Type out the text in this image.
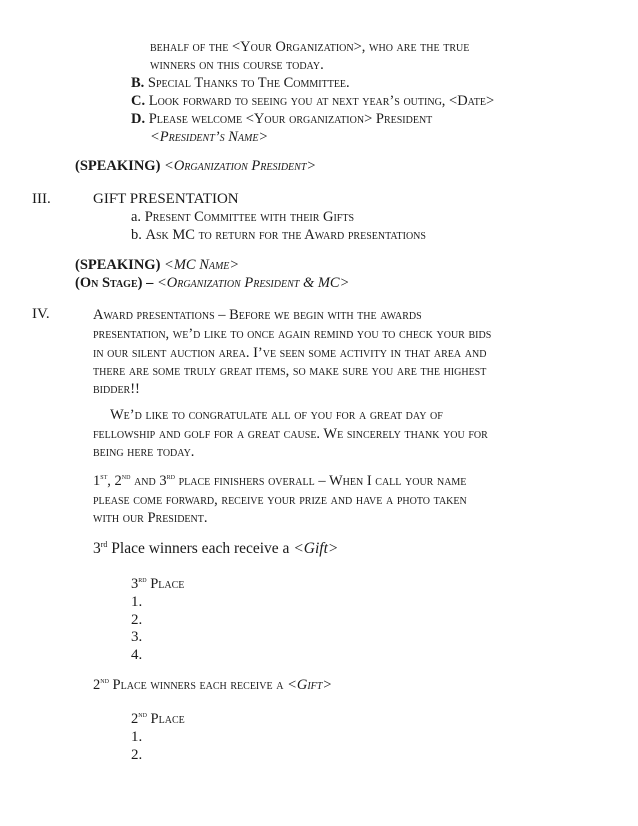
behalf of the <Your Organization>, who are the true
winners on this course today.
B. Special Thanks to The Committee.
C. Look forward to seeing you at next year’s outing, <Date>
D. Please welcome <Your organization> President
<President’s Name>
(SPEAKING) <Organization President>
III.	GIFT PRESENTATION
a. Present Committee with their Gifts
b. Ask MC to return for the Award presentations
(SPEAKING) <MC Name>
(On Stage) – <Organization President & MC>
IV.	Award presentations – Before we begin with the awards
presentation, we’d like to once again remind you to check your bids
in our silent auction area. I’ve seen some activity in that area and
there are some truly great items, so make sure you are the highest
bidder!!
We’d like to congratulate all of you for a great day of
fellowship and golf for a great cause. We sincerely thank you for
being here today.
1st, 2nd and 3rd place finishers overall – When I call your name
please come forward, receive your prize and have a photo taken
with our President.
3rd Place winners each receive a <Gift>
3rd Place
1.
2.
3.
4.
2nd Place winners each receive a <Gift>
2nd Place
1.
2.
